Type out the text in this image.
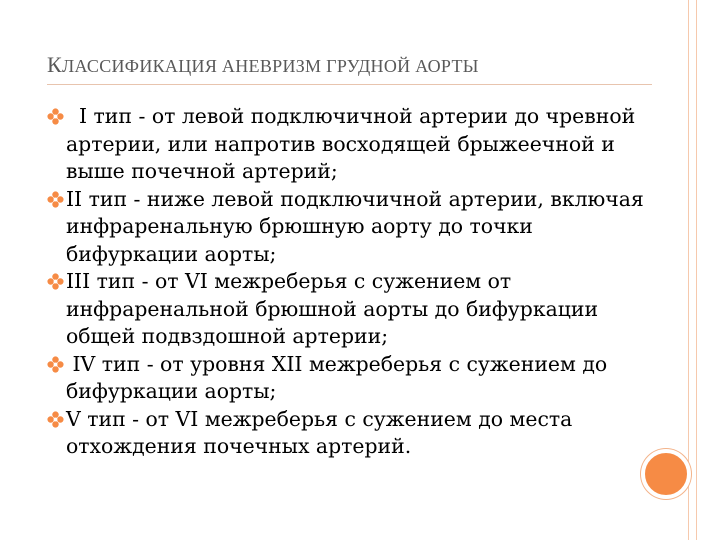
КЛАССИФИКАЦИЯ АНЕВРИЗМ ГРУДНОЙ АОРТЫ
I тип - от левой подключичной артерии до чревной артерии, или напротив восходящей брыжеечной и выше почечной артерий;
II тип - ниже левой подключичной артерии, включая инфраренальную брюшную аорту до точки бифуркации аорты;
III тип - от VI межреберья с сужением от инфраренальной брюшной аорты до бифуркации общей подвздошной артерии;
IV тип - от уровня XII межреберья с сужением до бифуркации аорты;
V тип - от VI межреберья с сужением до места отхождения почечных артерий.
